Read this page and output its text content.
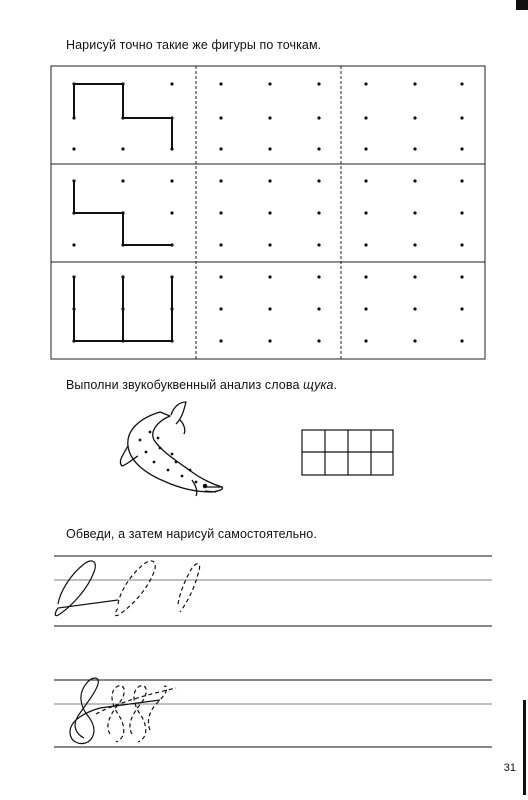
Нарисуй точно такие же фигуры по точкам.
Выполни звукобуквенный анализ слова щука.
Обведи, а затем нарисуй самостоятельно.
31
